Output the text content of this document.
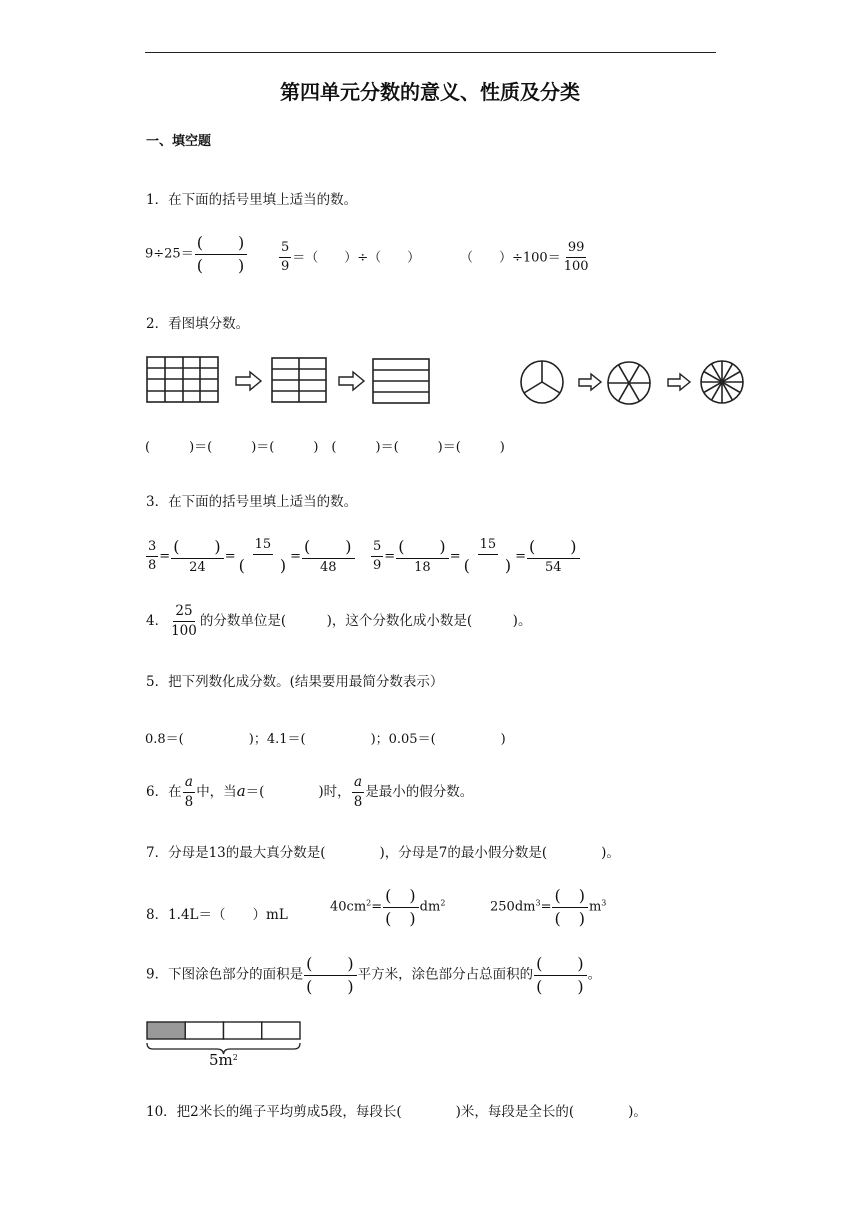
第四单元分数的意义、性质及分类
一、填空题
1．在下面的括号里填上适当的数。
$9\div 25= \frac{( )}{( )} \frac{5}{9}$ ＝（　　）÷（　　）	（　　）$\div 100= \frac{99}{100}$
2．看图填分数。
(　　　)＝(　　　)＝(　　　)　(　　　)＝(　　　)＝(　　　)
3．在下面的括号里填上适当的数。
$\frac{3}{8} = \frac{( )}{24} = \frac{15}{( )} = \frac{( )}{48} \frac{5}{9} = \frac{( )}{18} = \frac{15}{( )} = \frac{( )}{54}$
4． $\frac{25}{100}$ 的分数单位是(　　　)，这个分数化成小数是(　　　)。
5．把下列数化成分数。(结果要用最简分数表示）
0.8＝(　　　　　)；4.1＝(　　　　　)；0.05＝(　　　　　)
6．在 $\frac{a}{8}$ 中，当a＝(　　　　)时， $\frac{a}{8}$ 是最小的假分数。
7．分母是13的最大真分数是(　　　　)，分母是7的最小假分数是(　　　　)。
8．1.4L＝（　　）mL	$40cm^2= \frac{( )}{( )} dm^2$	$250dm^3= \frac{( )}{( )} m^3$
9．下图涂色部分的面积是 $\frac{( )}{( )}$ 平方米，涂色部分占总面积的 $\frac{( )}{( )}$ 。
$5m^2$
10．把2米长的绳子平均剪成5段，每段长(　　　　)米，每段是全长的(　　　　)。
